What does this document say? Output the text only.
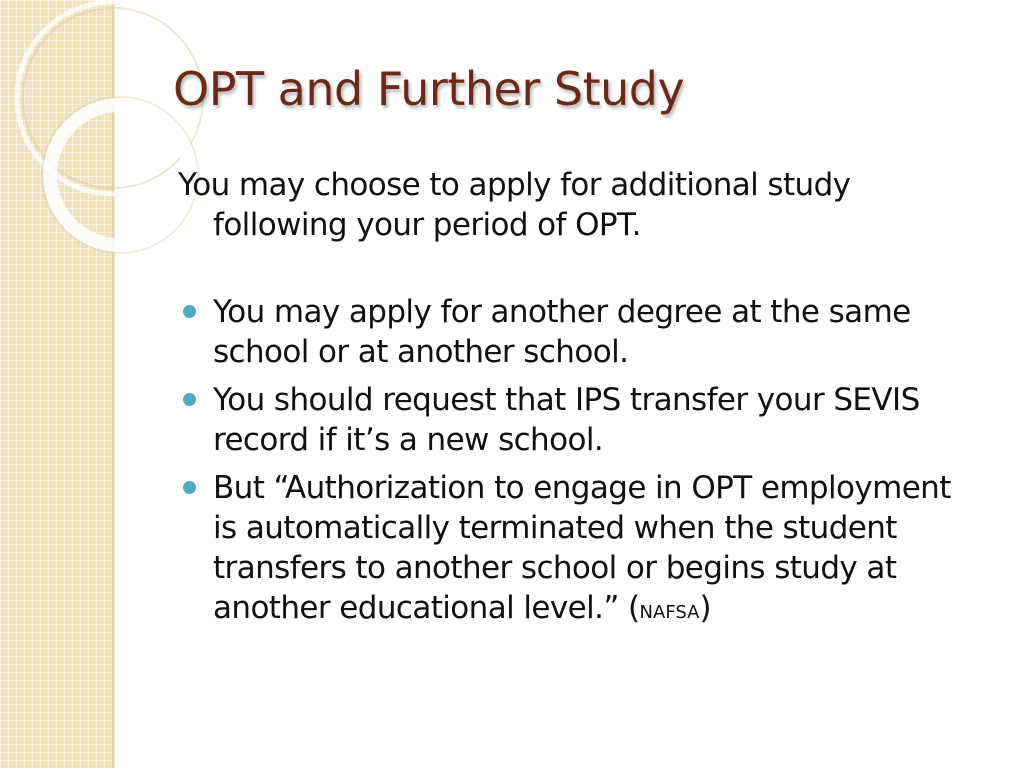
OPT and Further Study

You may choose to apply for additional study following your period of OPT.

You may apply for another degree at the same school or at another school.
You should request that IPS transfer your SEVIS record if it’s a new school.
But “Authorization to engage in OPT employment is automatically terminated when the student transfers to another school or begins study at another educational level.” (NAFSA)
